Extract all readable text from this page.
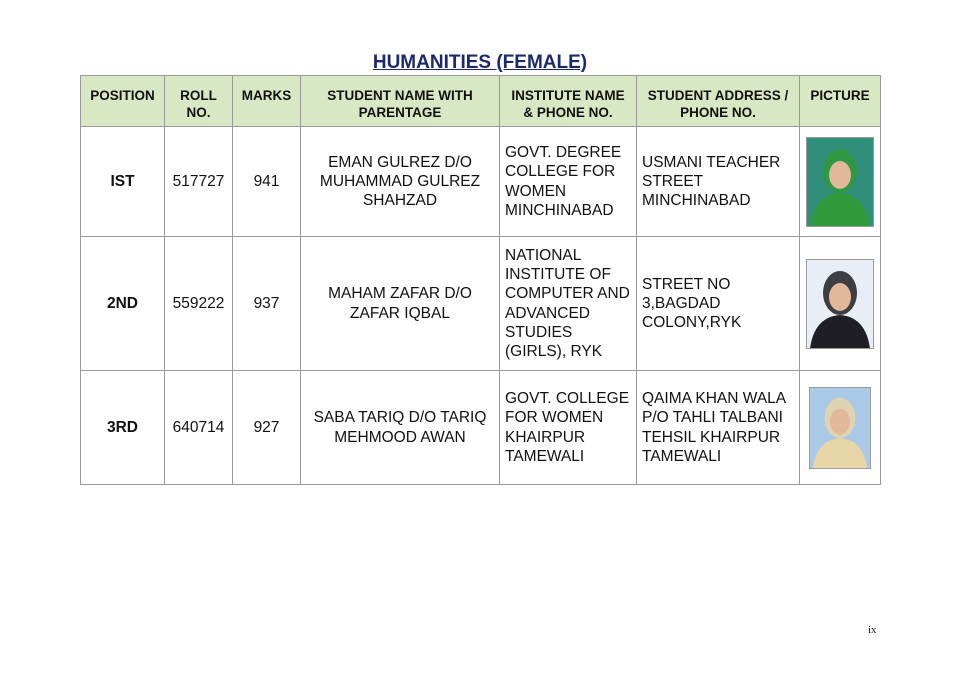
HUMANITIES (FEMALE)
POSITION	ROLL NO.	MARKS	STUDENT NAME WITH PARENTAGE	INSTITUTE NAME & PHONE NO.	STUDENT ADDRESS / PHONE NO.	PICTURE
IST	517727	941	EMAN GULREZ D/O MUHAMMAD GULREZ SHAHZAD	GOVT. DEGREE COLLEGE FOR WOMEN MINCHINABAD	USMANI TEACHER STREET MINCHINABAD	

2ND	559222	937	MAHAM ZAFAR D/O ZAFAR IQBAL	NATIONAL INSTITUTE OF COMPUTER AND ADVANCED STUDIES (GIRLS), RYK	STREET NO 3,BAGDAD COLONY,RYK	

3RD	640714	927	SABA TARIQ D/O TARIQ MEHMOOD AWAN	GOVT. COLLEGE FOR WOMEN KHAIRPUR TAMEWALI	QAIMA KHAN WALA P/O TAHLI TALBANI TEHSIL KHAIRPUR TAMEWALI	
ix
